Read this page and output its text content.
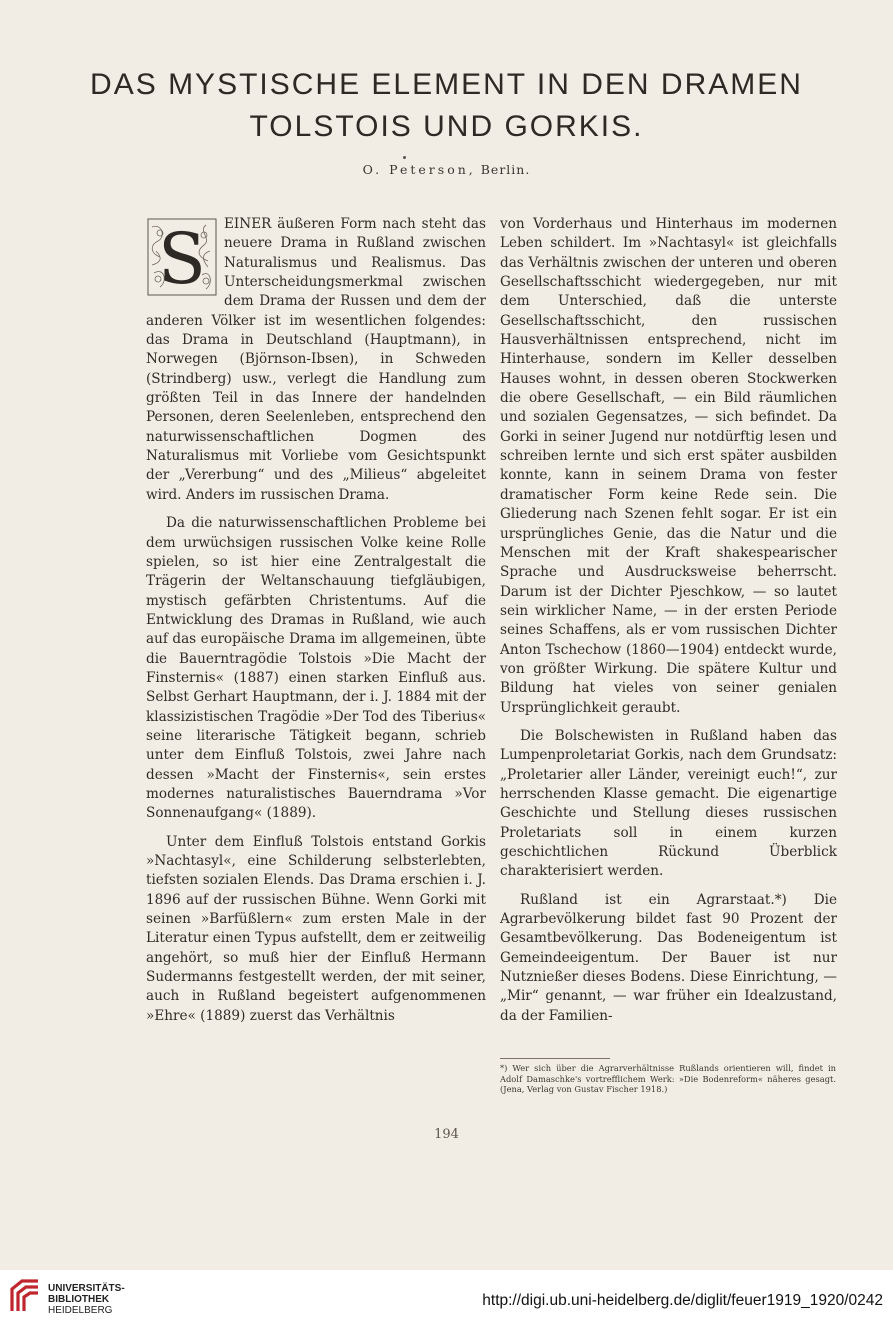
DAS MYSTISCHE ELEMENT IN DEN DRAMEN
TOLSTOIS UND GORKIS.
O. Peterson, Berlin.

S EINER äußeren Form nach steht das neuere Drama in Rußland zwischen Naturalismus und Realismus. Das Unterscheidungsmerkmal zwischen dem Drama der Russen und dem der anderen Völker ist im wesentlichen folgendes: das Drama in Deutschland (Hauptmann), in Norwegen (Björnson-Ibsen), in Schweden (Strindberg) usw., verlegt die Handlung zum größten Teil in das Innere der handelnden Personen, deren Seelenleben, entsprechend den naturwissenschaftlichen Dogmen des Naturalismus mit Vorliebe vom Gesichtspunkt der „Vererbung“ und des „Milieus“ abgeleitet wird. Anders im russischen Drama.

Da die naturwissenschaftlichen Probleme bei dem urwüchsigen russischen Volke keine Rolle spielen, so ist hier eine Zentralgestalt die Trägerin der Weltanschauung tiefgläubigen, mystisch gefärbten Christentums. Auf die Entwicklung des Dramas in Rußland, wie auch auf das europäische Drama im allgemeinen, übte die Bauerntragödie Tolstois »Die Macht der Finsternis« (1887) einen starken Einfluß aus. Selbst Gerhart Hauptmann, der i. J. 1884 mit der klassizistischen Tragödie »Der Tod des Tiberius« seine literarische Tätigkeit begann, schrieb unter dem Einfluß Tolstois, zwei Jahre nach dessen »Macht der Finsternis«, sein erstes modernes naturalistisches Bauerndrama »Vor Sonnenaufgang« (1889).

Unter dem Einfluß Tolstois entstand Gorkis »Nachtasyl«, eine Schilderung selbsterlebten, tiefsten sozialen Elends. Das Drama erschien i. J. 1896 auf der russischen Bühne. Wenn Gorki mit seinen »Barfüßlern« zum ersten Male in der Literatur einen Typus aufstellt, dem er zeitweilig angehört, so muß hier der Einfluß Hermann Sudermanns festgestellt werden, der mit seiner, auch in Rußland begeistert aufgenommenen »Ehre« (1889) zuerst das Verhältnis

von Vorderhaus und Hinterhaus im modernen Leben schildert. Im »Nachtasyl« ist gleichfalls das Verhältnis zwischen der unteren und oberen Gesellschaftsschicht wiedergegeben, nur mit dem Unterschied, daß die unterste Gesellschaftsschicht, den russischen Hausverhältnissen entsprechend, nicht im Hinterhause, sondern im Keller desselben Hauses wohnt, in dessen oberen Stockwerken die obere Gesellschaft, — ein Bild räumlichen und sozialen Gegensatzes, — sich befindet. Da Gorki in seiner Jugend nur notdürftig lesen und schreiben lernte und sich erst später ausbilden konnte, kann in seinem Drama von fester dramatischer Form keine Rede sein. Die Gliederung nach Szenen fehlt sogar. Er ist ein ursprüngliches Genie, das die Natur und die Menschen mit der Kraft shakespearischer Sprache und Ausdrucksweise beherrscht. Darum ist der Dichter Pjeschkow, — so lautet sein wirklicher Name, — in der ersten Periode seines Schaffens, als er vom russischen Dichter Anton Tschechow (1860—1904) entdeckt wurde, von größter Wirkung. Die spätere Kultur und Bildung hat vieles von seiner genialen Ursprünglichkeit geraubt.

Die Bolschewisten in Rußland haben das Lumpenproletariat Gorkis, nach dem Grundsatz: „Proletarier aller Länder, vereinigt euch!“, zur herrschenden Klasse gemacht. Die eigenartige Geschichte und Stellung dieses russischen Proletariats soll in einem kurzen geschichtlichen Rückund Überblick charakterisiert werden.

Rußland ist ein Agrarstaat.*) Die Agrarbevölkerung bildet fast 90 Prozent der Gesamtbevölkerung. Das Bodeneigentum ist Gemeindeeigentum. Der Bauer ist nur Nutznießer dieses Bodens. Diese Einrichtung, — „Mir“ genannt, — war früher ein Idealzustand, da der Familien-

*) Wer sich über die Agrarverhältnisse Rußlands orientieren will, findet in Adolf Damaschke's vortrefflichem Werk: »Die Bodenreform« näheres gesagt. (Jena, Verlag von Gustav Fischer 1918.)
194
UNIVERSITÄTS-
BIBLIOTHEK
HEIDELBERG
http://digi.ub.uni-heidelberg.de/diglit/feuer1919_1920/0242
